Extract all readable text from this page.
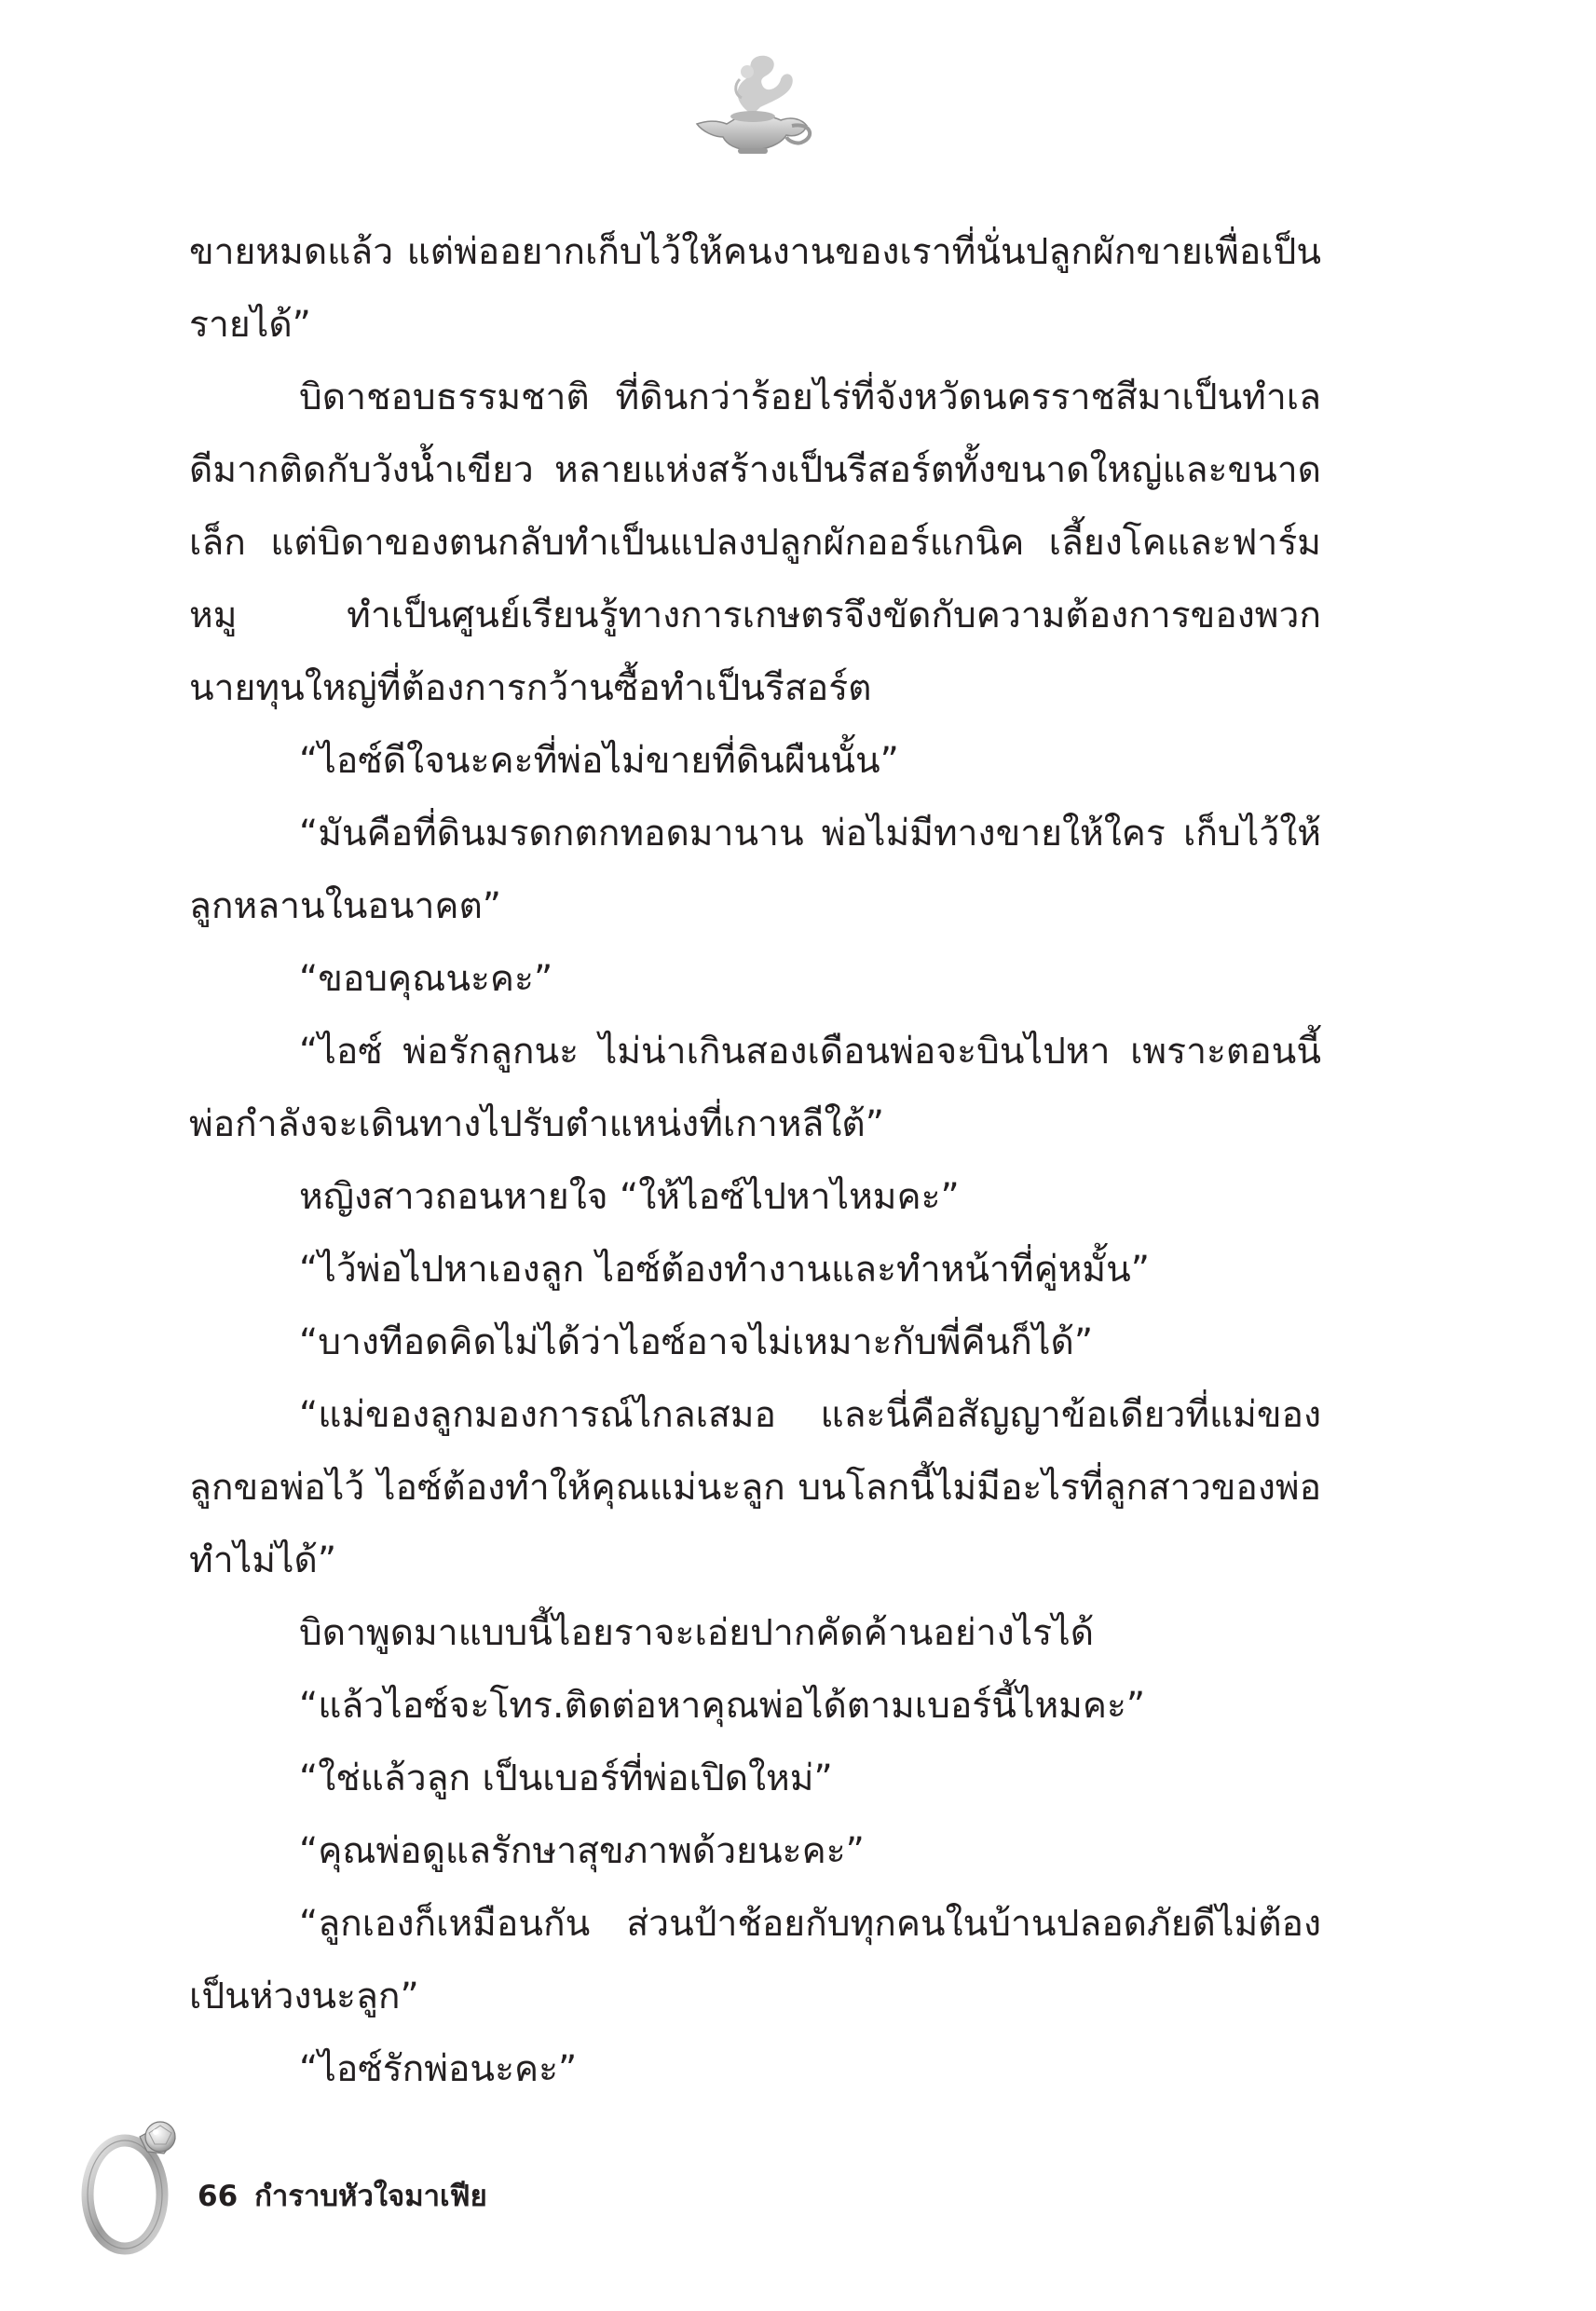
ขายหมดแล้ว แต่พ่ออยากเก็บไว้ให้คนงานของเราที่นั่นปลูกผักขายเพื่อเป็นรายได้”

บิดาชอบธรรมชาติ ที่ดินกว่าร้อยไร่ที่จังหวัดนครราชสีมาเป็นทำเลดีมากติดกับวังน้ำเขียว หลายแห่งสร้างเป็นรีสอร์ตทั้งขนาดใหญ่และขนาดเล็ก แต่บิดาของตนกลับทำเป็นแปลงปลูกผักออร์แกนิค เลี้ยงโคและฟาร์มหมู ทำเป็นศูนย์เรียนรู้ทางการเกษตรจึงขัดกับความต้องการของพวกนายทุนใหญ่ที่ต้องการกว้านซื้อทำเป็นรีสอร์ต

“ไอซ์ดีใจนะคะที่พ่อไม่ขายที่ดินผืนนั้น”

“มันคือที่ดินมรดกตกทอดมานาน พ่อไม่มีทางขายให้ใคร เก็บไว้ให้ลูกหลานในอนาคต”

“ขอบคุณนะคะ”

“ไอซ์ พ่อรักลูกนะ ไม่น่าเกินสองเดือนพ่อจะบินไปหา เพราะตอนนี้พ่อกำลังจะเดินทางไปรับตำแหน่งที่เกาหลีใต้”

หญิงสาวถอนหายใจ “ให้ไอซ์ไปหาไหมคะ”

“ไว้พ่อไปหาเองลูก ไอซ์ต้องทำงานและทำหน้าที่คู่หมั้น”

“บางทีอดคิดไม่ได้ว่าไอซ์อาจไม่เหมาะกับพี่คีนก็ได้”

“แม่ของลูกมองการณ์ไกลเสมอ และนี่คือสัญญาข้อเดียวที่แม่ของลูกขอพ่อไว้ ไอซ์ต้องทำให้คุณแม่นะลูก บนโลกนี้ไม่มีอะไรที่ลูกสาวของพ่อทำไม่ได้”

บิดาพูดมาแบบนี้ไอยราจะเอ่ยปากคัดค้านอย่างไรได้

“แล้วไอซ์จะโทร.ติดต่อหาคุณพ่อได้ตามเบอร์นี้ไหมคะ”

“ใช่แล้วลูก เป็นเบอร์ที่พ่อเปิดใหม่”

“คุณพ่อดูแลรักษาสุขภาพด้วยนะคะ”

“ลูกเองก็เหมือนกัน ส่วนป้าช้อยกับทุกคนในบ้านปลอดภัยดีไม่ต้องเป็นห่วงนะลูก”

“ไอซ์รักพ่อนะคะ”

66 กำราบหัวใจมาเฟีย
